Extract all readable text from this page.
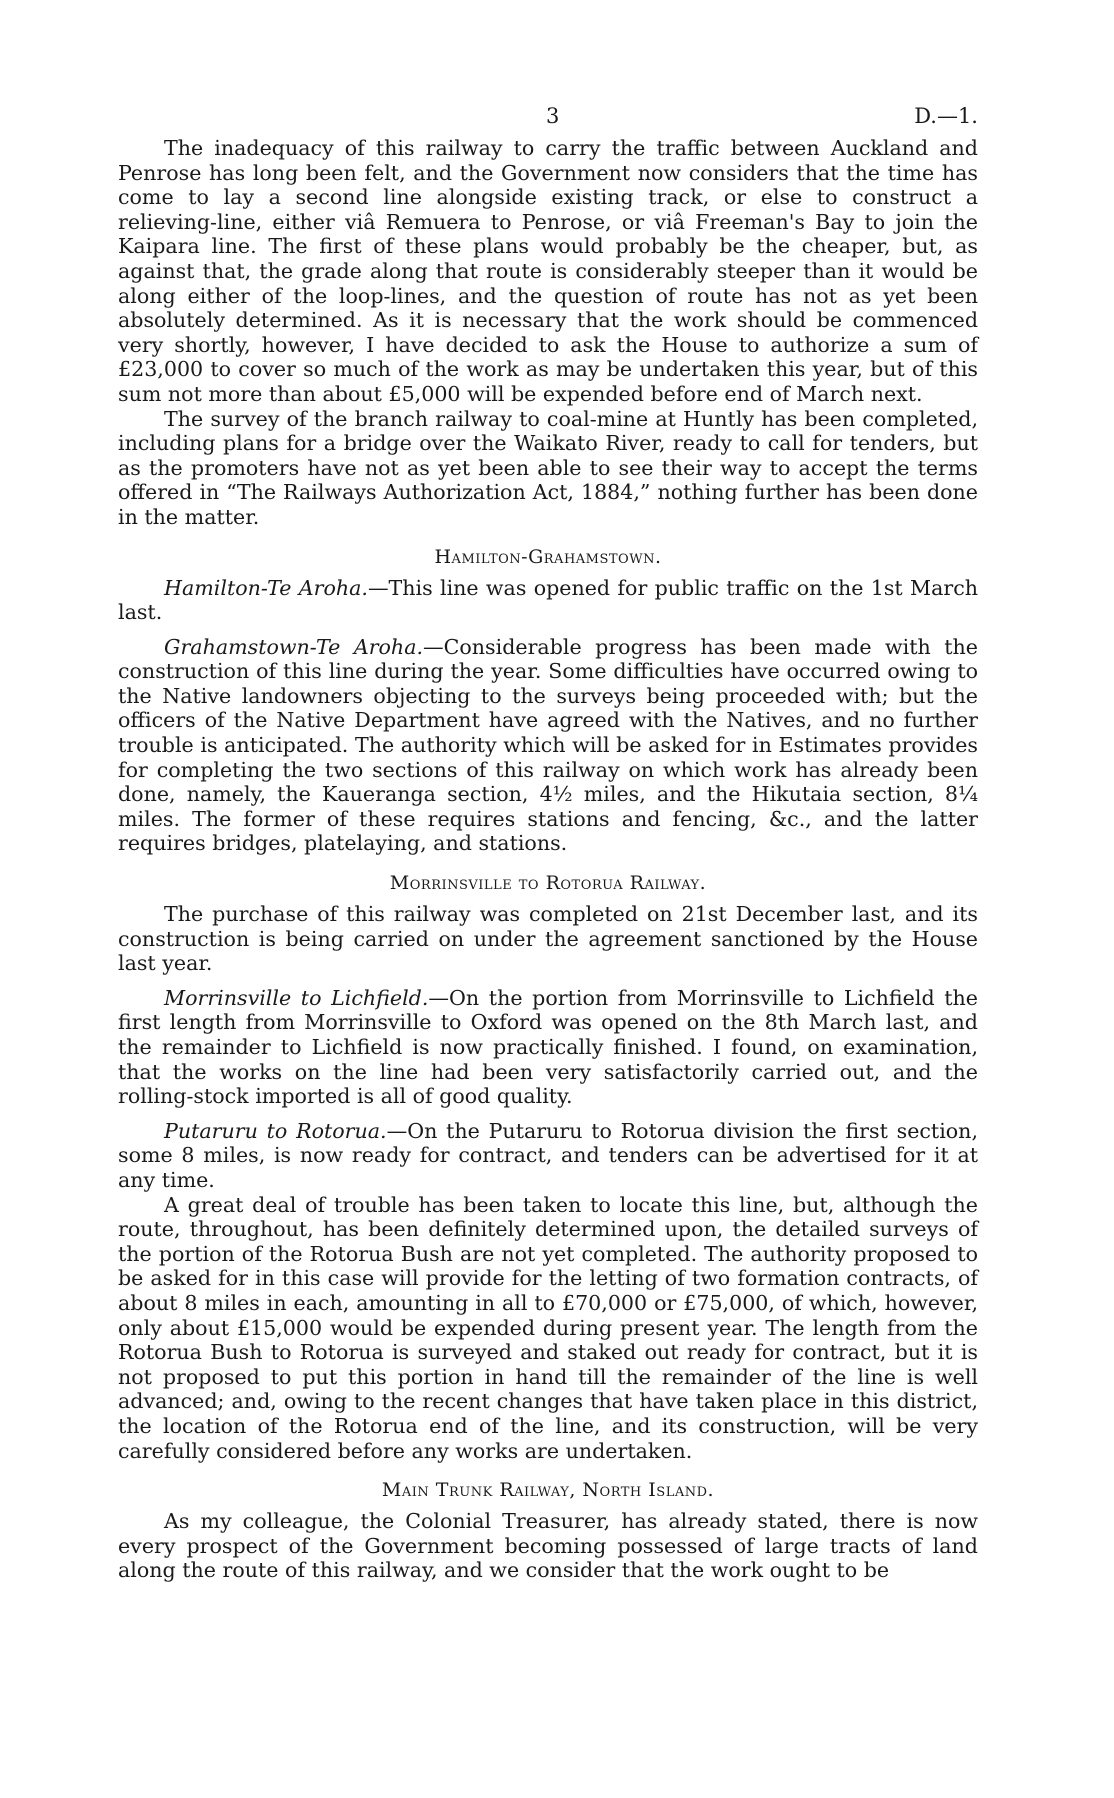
3	D.—1.

The inadequacy of this railway to carry the traffic between Auckland and Penrose has long been felt, and the Government now considers that the time has come to lay a second line alongside existing track, or else to construct a relieving-line, either viâ Remuera to Penrose, or viâ Freeman's Bay to join the Kaipara line. The first of these plans would probably be the cheaper, but, as against that, the grade along that route is considerably steeper than it would be along either of the loop-lines, and the question of route has not as yet been absolutely determined. As it is necessary that the work should be commenced very shortly, however, I have decided to ask the House to authorize a sum of £23,000 to cover so much of the work as may be undertaken this year, but of this sum not more than about £5,000 will be expended before end of March next.

The survey of the branch railway to coal-mine at Huntly has been completed, including plans for a bridge over the Waikato River, ready to call for tenders, but as the promoters have not as yet been able to see their way to accept the terms offered in “The Railways Authorization Act, 1884,” nothing further has been done in the matter.

Hamilton-Grahamstown.

Hamilton-Te Aroha.—This line was opened for public traffic on the 1st March last.

Grahamstown-Te Aroha.—Considerable progress has been made with the construction of this line during the year. Some difficulties have occurred owing to the Native landowners objecting to the surveys being proceeded with; but the officers of the Native Department have agreed with the Natives, and no further trouble is anticipated. The authority which will be asked for in Estimates provides for completing the two sections of this railway on which work has already been done, namely, the Kaueranga section, 4½ miles, and the Hikutaia section, 8¼ miles. The former of these requires stations and fencing, &c., and the latter requires bridges, platelaying, and stations.

Morrinsville to Rotorua Railway.

The purchase of this railway was completed on 21st December last, and its construction is being carried on under the agreement sanctioned by the House last year.

Morrinsville to Lichfield.—On the portion from Morrinsville to Lichfield the first length from Morrinsville to Oxford was opened on the 8th March last, and the remainder to Lichfield is now practically finished. I found, on examination, that the works on the line had been very satisfactorily carried out, and the rolling-stock imported is all of good quality.

Putaruru to Rotorua.—On the Putaruru to Rotorua division the first section, some 8 miles, is now ready for contract, and tenders can be advertised for it at any time.

A great deal of trouble has been taken to locate this line, but, although the route, throughout, has been definitely determined upon, the detailed surveys of the portion of the Rotorua Bush are not yet completed. The authority proposed to be asked for in this case will provide for the letting of two formation contracts, of about 8 miles in each, amounting in all to £70,000 or £75,000, of which, however, only about £15,000 would be expended during present year. The length from the Rotorua Bush to Rotorua is surveyed and staked out ready for contract, but it is not proposed to put this portion in hand till the remainder of the line is well advanced; and, owing to the recent changes that have taken place in this district, the location of the Rotorua end of the line, and its construction, will be very carefully considered before any works are undertaken.

Main Trunk Railway, North Island.

As my colleague, the Colonial Treasurer, has already stated, there is now every prospect of the Government becoming possessed of large tracts of land along the route of this railway, and we consider that the work ought to be
